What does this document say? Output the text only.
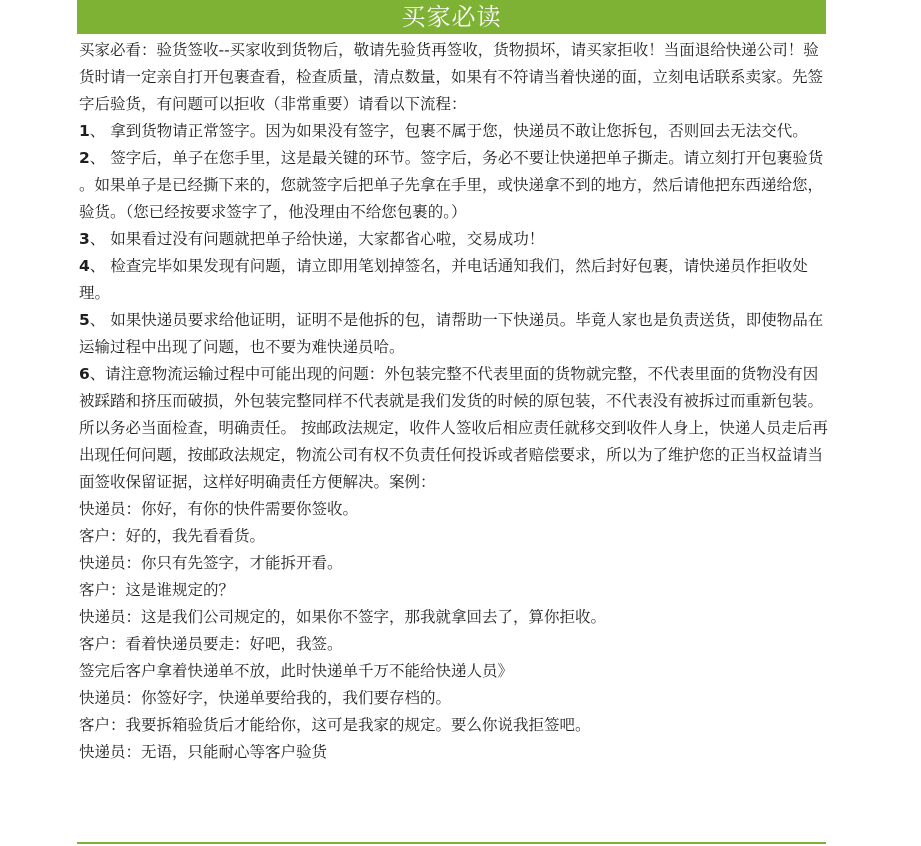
买家必读

买家必看：验货签收--买家收到货物后，敬请先验货再签收，货物损坏，请买家拒收！当面退给快递公司！验货时请一定亲自打开包裹查看，检查质量，清点数量，如果有不符请当着快递的面，立刻电话联系卖家。先签字后验货，有问题可以拒收（非常重要）请看以下流程：

1、 拿到货物请正常签字。因为如果没有签字，包裹不属于您，快递员不敢让您拆包，否则回去无法交代。

2、 签字后，单子在您手里，这是最关键的环节。签字后，务必不要让快递把单子撕走。请立刻打开包裹验货

。如果单子是已经撕下来的，您就签字后把单子先拿在手里，或快递拿不到的地方，然后请他把东西递给您，验货。（您已经按要求签字了，他没理由不给您包裹的。）

3、 如果看过没有问题就把单子给快递，大家都省心啦，交易成功！

4、 检查完毕如果发现有问题，请立即用笔划掉签名，并电话通知我们，然后封好包裹，请快递员作拒收处理。

5、 如果快递员要求给他证明，证明不是他拆的包，请帮助一下快递员。毕竟人家也是负责送货，即使物品在运输过程中出现了问题，也不要为难快递员哈。

6、请注意物流运输过程中可能出现的问题：外包装完整不代表里面的货物就完整，不代表里面的货物没有因被踩踏和挤压而破损，外包装完整同样不代表就是我们发货的时候的原包装，不代表没有被拆过而重新包装。所以务必当面检查，明确责任。 按邮政法规定，收件人签收后相应责任就移交到收件人身上，快递人员走后再出现任何问题，按邮政法规定，物流公司有权不负责任何投诉或者赔偿要求，所以为了维护您的正当权益请当面签收保留证据，这样好明确责任方便解决。案例：

快递员：你好，有你的快件需要你签收。

客户：好的，我先看看货。

快递员：你只有先签字，才能拆开看。

客户：这是谁规定的？

快递员：这是我们公司规定的，如果你不签字，那我就拿回去了，算你拒收。

客户：看着快递员要走：好吧，我签。

签完后客户拿着快递单不放，此时快递单千万不能给快递人员》

快递员：你签好字，快递单要给我的，我们要存档的。

客户：我要拆箱验货后才能给你，这可是我家的规定。要么你说我拒签吧。

快递员：无语，只能耐心等客户验货
